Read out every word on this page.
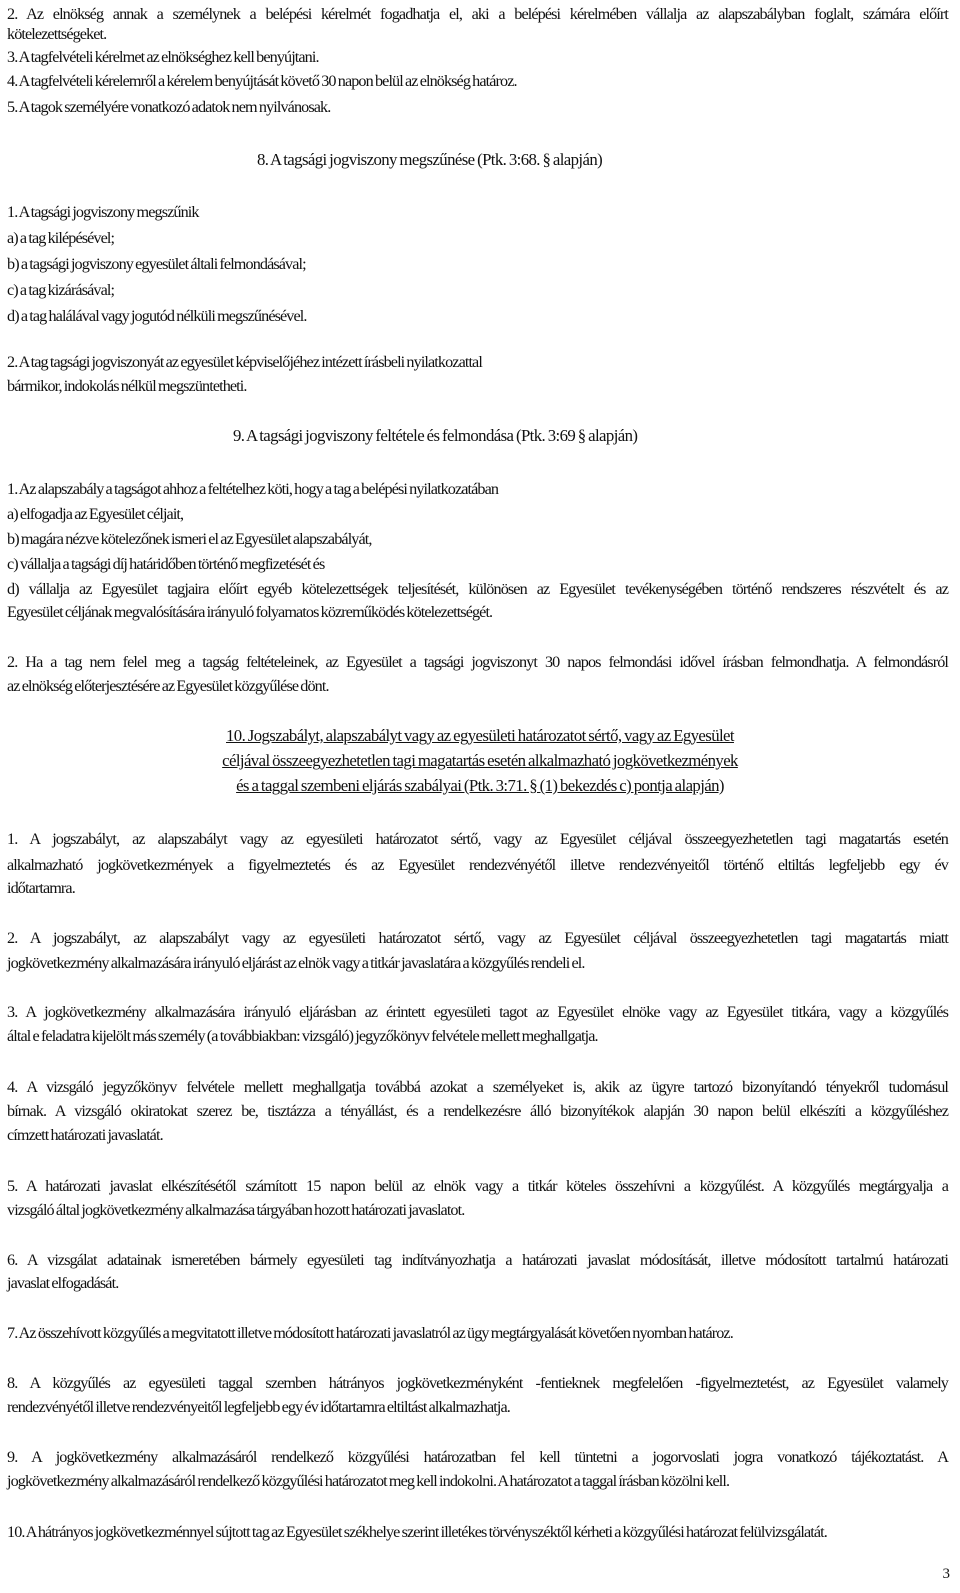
2. Az elnökség annak a személynek a belépési kérelmét fogadhatja el, aki a belépési kérelmében vállalja az alapszabályban foglalt, számára előírt
kötelezettségeket.
3. A tagfelvételi kérelmet az elnökséghez kell benyújtani.
4. A tagfelvételi kérelemről a kérelem benyújtását követő 30 napon belül az elnökség határoz.
5. A tagok személyére vonatkozó adatok nem nyilvánosak.
8. A tagsági jogviszony megszűnése (Ptk. 3:68. § alapján)
1. A tagsági jogviszony megszűnik
a) a tag kilépésével;
b) a tagsági jogviszony egyesület általi felmondásával;
c) a tag kizárásával;
d) a tag halálával vagy jogutód nélküli megszűnésével.
2. A tag tagsági jogviszonyát az egyesület képviselőjéhez intézett írásbeli nyilatkozattal
bármikor, indokolás nélkül megszüntetheti.
9. A tagsági jogviszony feltétele és felmondása (Ptk. 3:69 § alapján)
1. Az alapszabály a tagságot ahhoz a feltételhez köti, hogy a tag a belépési nyilatkozatában
a) elfogadja az Egyesület céljait,
b) magára nézve kötelezőnek ismeri el az Egyesület alapszabályát,
c) vállalja a tagsági díj határidőben történő megfizetését és
d) vállalja az Egyesület tagjaira előírt egyéb kötelezettségek teljesítését, különösen az Egyesület tevékenységében történő rendszeres részvételt és az
Egyesület céljának megvalósítására irányuló folyamatos közreműködés kötelezettségét.
2. Ha a tag nem felel meg a tagság feltételeinek, az Egyesület a tagsági jogviszonyt 30 napos felmondási idővel írásban felmondhatja. A felmondásról
az elnökség előterjesztésére az Egyesület közgyűlése dönt.
10. Jogszabályt, alapszabályt vagy az egyesületi határozatot sértő, vagy az Egyesület
céljával összeegyezhetetlen tagi magatartás esetén alkalmazható jogkövetkezmények
és a taggal szembeni eljárás szabályai (Ptk. 3:71. § (1) bekezdés c) pontja alapján)
1. A jogszabályt, az alapszabályt vagy az egyesületi határozatot sértő, vagy az Egyesület céljával összeegyezhetetlen tagi magatartás esetén
alkalmazható jogkövetkezmények a figyelmeztetés és az Egyesület rendezvényétől illetve rendezvényeitől történő eltiltás legfeljebb egy év
időtartamra.
2. A jogszabályt, az alapszabályt vagy az egyesületi határozatot sértő, vagy az Egyesület céljával összeegyezhetetlen tagi magatartás miatt
jogkövetkezmény alkalmazására irányuló eljárást az elnök vagy a titkár javaslatára a közgyűlés rendeli el.
3. A jogkövetkezmény alkalmazására irányuló eljárásban az érintett egyesületi tagot az Egyesület elnöke vagy az Egyesület titkára, vagy a közgyűlés
által e feladatra kijelölt más személy (a továbbiakban: vizsgáló) jegyzőkönyv felvétele mellett meghallgatja.
4. A vizsgáló jegyzőkönyv felvétele mellett meghallgatja továbbá azokat a személyeket is, akik az ügyre tartozó bizonyítandó tényekről tudomásul
bírnak. A vizsgáló okiratokat szerez be, tisztázza a tényállást, és a rendelkezésre álló bizonyítékok alapján 30 napon belül elkészíti a közgyűléshez
címzett határozati javaslatát.
5. A határozati javaslat elkészítésétől számított 15 napon belül az elnök vagy a titkár köteles összehívni a közgyűlést. A közgyűlés megtárgyalja a
vizsgáló által jogkövetkezmény alkalmazása tárgyában hozott határozati javaslatot.
6. A vizsgálat adatainak ismeretében bármely egyesületi tag indítványozhatja a határozati javaslat módosítását, illetve módosított tartalmú határozati
javaslat elfogadását.
7. Az összehívott közgyűlés a megvitatott illetve módosított határozati javaslatról az ügy megtárgyalását követően nyomban határoz.
8. A közgyűlés az egyesületi taggal szemben hátrányos jogkövetkezményként -fentieknek megfelelően -figyelmeztetést, az Egyesület valamely
rendezvényétől illetve rendezvényeitől legfeljebb egy év időtartamra eltiltást alkalmazhatja.
9. A jogkövetkezmény alkalmazásáról rendelkező közgyűlési határozatban fel kell tüntetni a jogorvoslati jogra vonatkozó tájékoztatást. A
jogkövetkezmény alkalmazásáról rendelkező közgyűlési határozatot meg kell indokolni. A határozatot a taggal írásban közölni kell.
10. A hátrányos jogkövetkezménnyel sújtott tag az Egyesület székhelye szerint illetékes törvényszéktől kérheti a közgyűlési határozat felülvizsgálatát.
3
